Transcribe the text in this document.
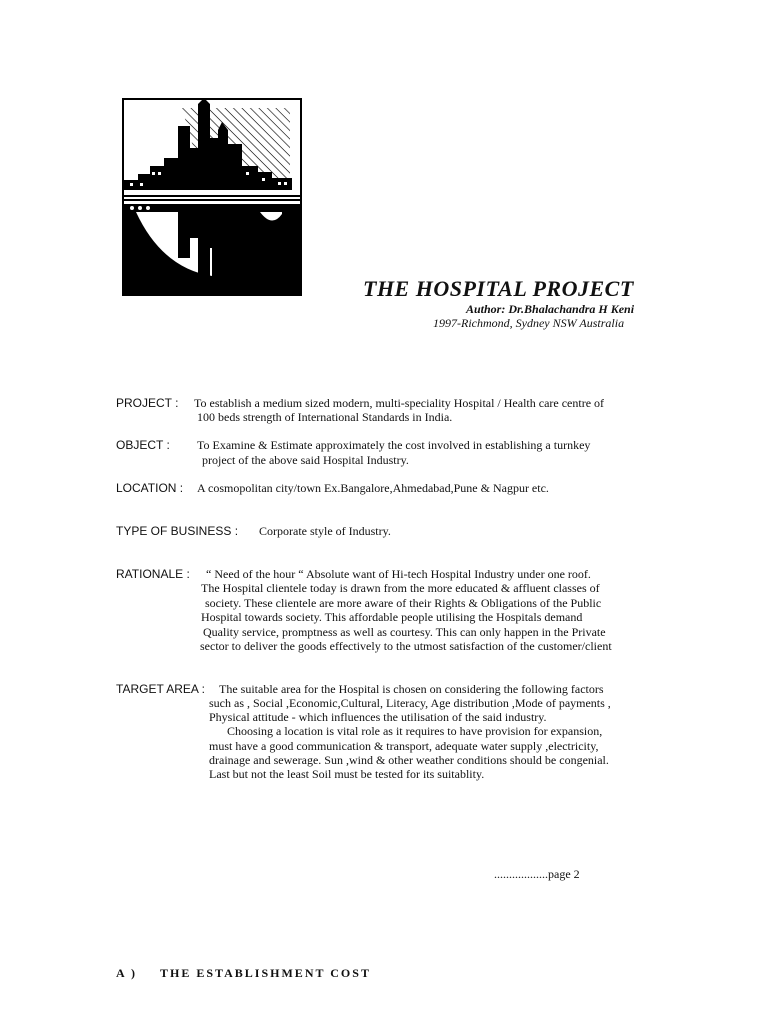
THE HOSPITAL PROJECT
Author: Dr.Bhalachandra H Keni
1997-Richmond, Sydney NSW Australia
PROJECT : To establish a medium sized modern, multi-speciality Hospital / Health care centre of
100 beds strength of International Standards in India.
OBJECT : To Examine & Estimate approximately the cost involved in establishing a turnkey
project of the above said Hospital Industry.
LOCATION : A cosmopolitan city/town Ex.Bangalore,Ahmedabad,Pune & Nagpur etc.
TYPE OF BUSINESS : Corporate style of Industry.
RATIONALE : “ Need of the hour “ Absolute want of Hi-tech Hospital Industry under one roof.
The Hospital clientele today is drawn from the more educated & affluent classes of
society. These clientele are more aware of their Rights & Obligations of the Public
Hospital towards society. This affordable people utilising the Hospitals demand
Quality service, promptness as well as courtesy. This can only happen in the Private
sector to deliver the goods effectively to the utmost satisfaction of the customer/client
TARGET AREA : The suitable area for the Hospital is chosen on considering the following factors
such as , Social ,Economic,Cultural, Literacy, Age distribution ,Mode of payments ,
Physical attitude - which influences the utilisation of the said industry.
Choosing a location is vital role as it requires to have provision for expansion,
must have a good communication & transport, adequate water supply ,electricity,
drainage and sewerage. Sun ,wind & other weather conditions should be congenial.
Last but not the least Soil must be tested for its suitablity.
..................page 2
A ) THE ESTABLISHMENT COST
